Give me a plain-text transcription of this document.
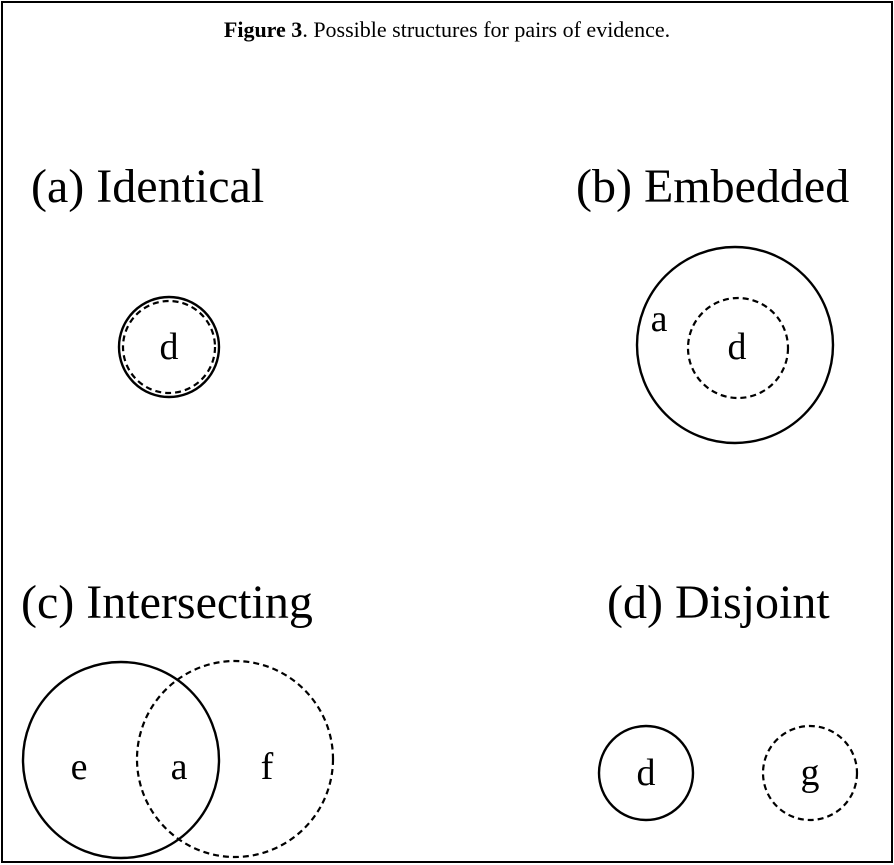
Figure 3. Possible structures for pairs of evidence.
(a) Identical	(b) Embedded
(c) Intersecting	(d) Disjoint
d
a
d
e a f	d	g
